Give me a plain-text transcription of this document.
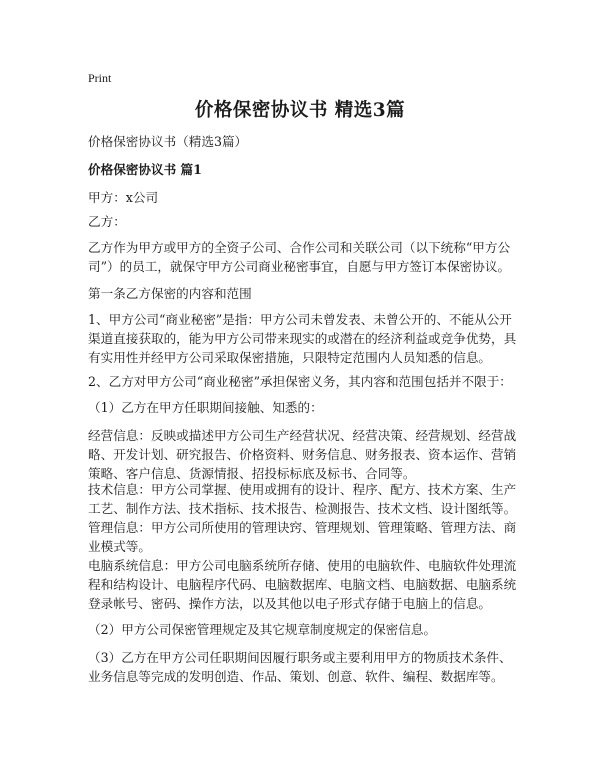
Print
价格保密协议书 精选3篇

价格保密协议书（精选3篇）

价格保密协议书 篇1

甲方：x公司

乙方：

乙方作为甲方或甲方的全资子公司、合作公司和关联公司（以下统称“甲方公司”）的员工，就保守甲方公司商业秘密事宜，自愿与甲方签订本保密协议。

第一条乙方保密的内容和范围

1、甲方公司“商业秘密”是指：甲方公司未曾发表、未曾公开的、不能从公开渠道直接获取的，能为甲方公司带来现实的或潜在的经济利益或竞争优势，具有实用性并经甲方公司采取保密措施，只限特定范围内人员知悉的信息。

2、乙方对甲方公司“商业秘密”承担保密义务，其内容和范围包括并不限于：

（1）乙方在甲方任职期间接触、知悉的：

经营信息：反映或描述甲方公司生产经营状况、经营决策、经营规划、经营战略、开发计划、研究报告、价格资料、财务信息、财务报表、资本运作、营销策略、客户信息、货源情报、招投标标底及标书、合同等。

技术信息：甲方公司掌握、使用或拥有的设计、程序、配方、技术方案、生产工艺、制作方法、技术指标、技术报告、检测报告、技术文档、设计图纸等。

管理信息：甲方公司所使用的管理诀窍、管理规划、管理策略、管理方法、商业模式等。

电脑系统信息：甲方公司电脑系统所存储、使用的电脑软件、电脑软件处理流程和结构设计、电脑程序代码、电脑数据库、电脑文档、电脑数据、电脑系统登录帐号、密码、操作方法，以及其他以电子形式存储于电脑上的信息。

（2）甲方公司保密管理规定及其它规章制度规定的保密信息。

（3）乙方在甲方公司任职期间因履行职务或主要利用甲方的物质技术条件、业务信息等完成的发明创造、作品、策划、创意、软件、编程、数据库等。
